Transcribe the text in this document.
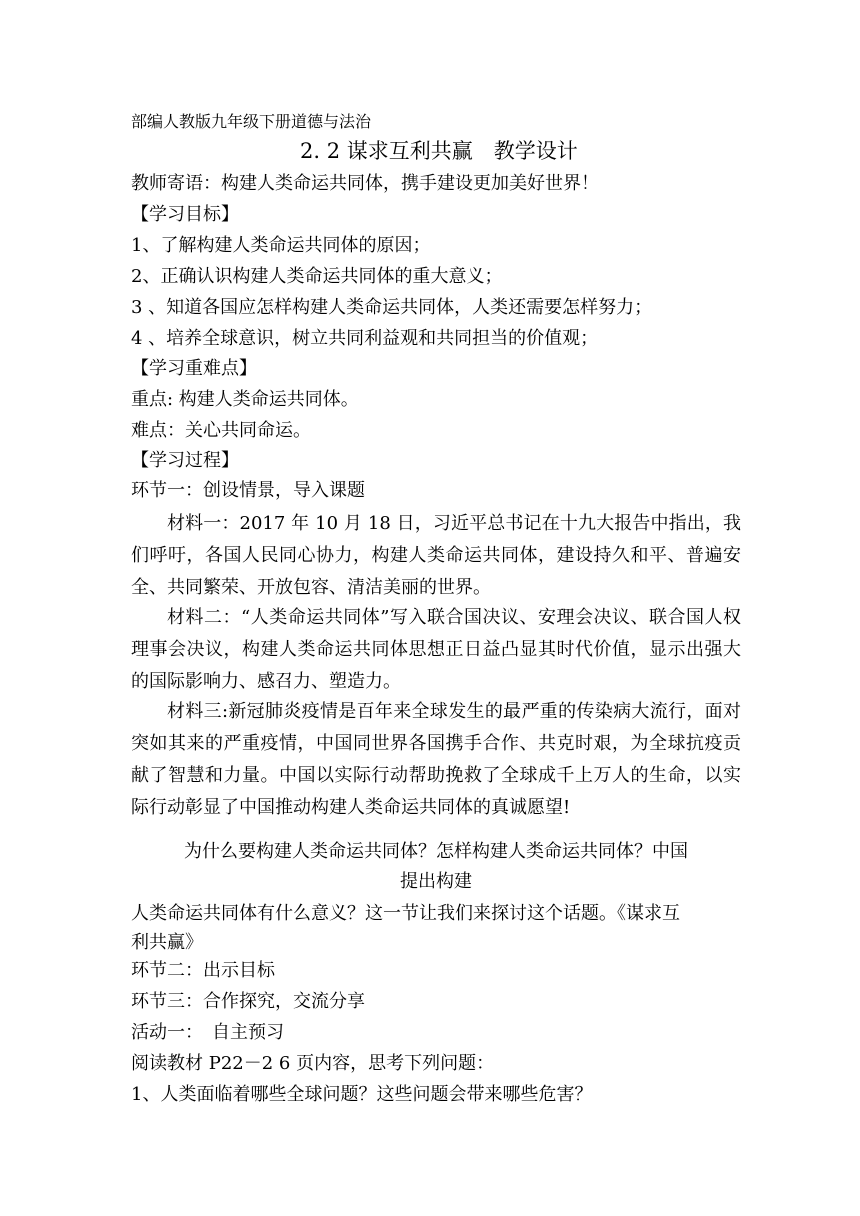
部编人教版九年级下册道德与法治
2. 2 谋求互利共赢　教学设计
教师寄语：构建人类命运共同体，携手建设更加美好世界！
【学习目标】
1、了解构建人类命运共同体的原因；
2、正确认识构建人类命运共同体的重大意义；
3 、知道各国应怎样构建人类命运共同体，人类还需要怎样努力；
4 、培养全球意识，树立共同利益观和共同担当的价值观；
【学习重难点】
重点: 构建人类命运共同体。
难点：关心共同命运。
【学习过程】
环节一：创设情景，导入课题
材料一：2017 年 10 月 18 日，习近平总书记在十九大报告中指出，我们呼吁，各国人民同心协力，构建人类命运共同体，建设持久和平、普遍安全、共同繁荣、开放包容、清洁美丽的世界。
材料二：“人类命运共同体”写入联合国决议、安理会决议、联合国人权理事会决议，构建人类命运共同体思想正日益凸显其时代价值，显示出强大的国际影响力、感召力、塑造力。
材料三:新冠肺炎疫情是百年来全球发生的最严重的传染病大流行，面对突如其来的严重疫情，中国同世界各国携手合作、共克时艰，为全球抗疫贡献了智慧和力量。中国以实际行动帮助挽救了全球成千上万人的生命，以实际行动彰显了中国推动构建人类命运共同体的真诚愿望!
为什么要构建人类命运共同体？怎样构建人类命运共同体？中国
提出构建
人类命运共同体有什么意义？这一节让我们来探讨这个话题。《谋求互
利共赢》
环节二：出示目标
环节三：合作探究，交流分享
活动一：　自主预习
阅读教材 P22－2 6 页内容，思考下列问题：
1、人类面临着哪些全球问题？这些问题会带来哪些危害？
